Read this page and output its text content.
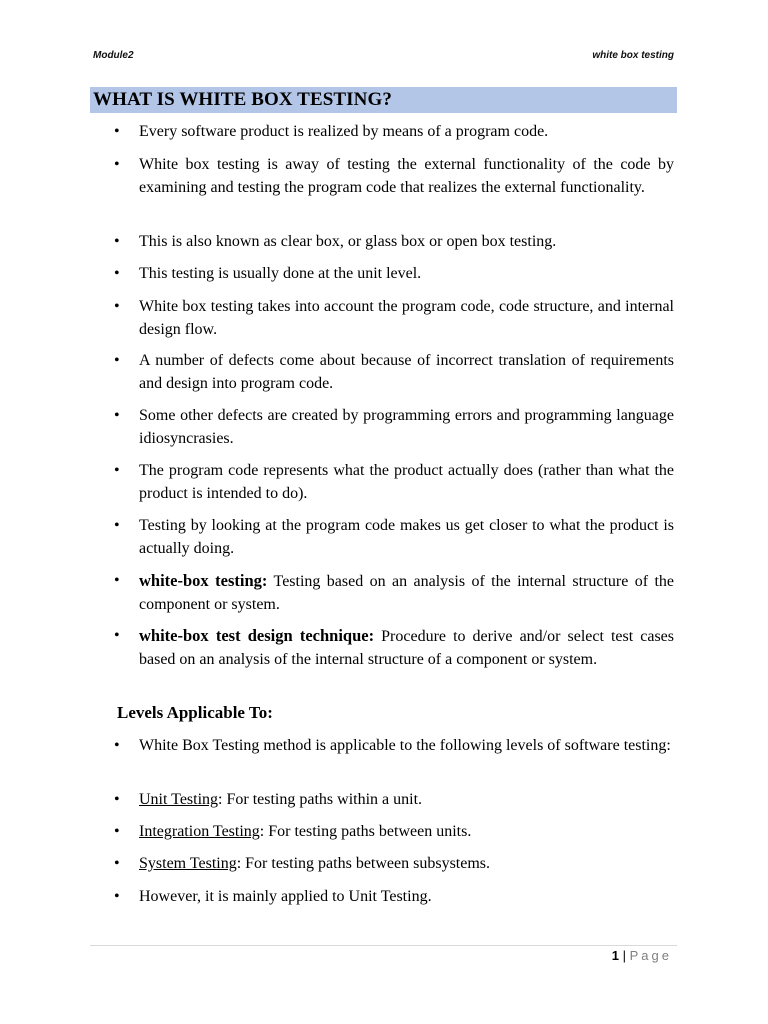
Module2	white box testing
WHAT IS WHITE BOX TESTING?
•	Every software product is realized by means of a program code.
•	White box testing is away of testing the external functionality of the code by examining and testing the program code that realizes the external functionality.
•	This is also known as clear box, or glass box or open box testing.
•	This testing is usually done at the unit level.
•	White box testing takes into account the program code, code structure, and internal design flow.
•	A number of defects come about because of incorrect translation of requirements and design into program code.
•	Some other defects are created by programming errors and programming language idiosyncrasies.
•	The program code represents what the product actually does (rather than what the product is intended to do).
•	Testing by looking at the program code makes us get closer to what the product is actually doing.
•	white-box testing: Testing based on an analysis of the internal structure of the component or system.
•	white-box test design technique: Procedure to derive and/or select test cases based on an analysis of the internal structure of a component or system.
Levels Applicable To:
•	White Box Testing method is applicable to the following levels of software testing:
•	Unit Testing: For testing paths within a unit.
•	Integration Testing: For testing paths between units.
•	System Testing: For testing paths between subsystems.
•	However, it is mainly applied to Unit Testing.
1 | Page
